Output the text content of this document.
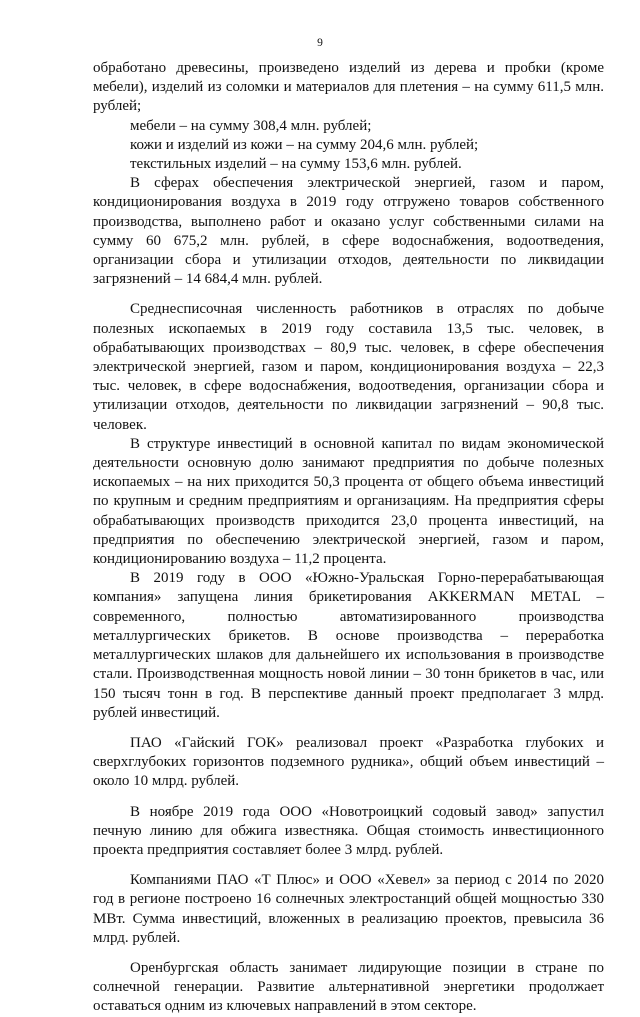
9

обработано древесины, произведено изделий из дерева и пробки (кроме мебели), изделий из соломки и материалов для плетения – на сумму 611,5 млн. рублей;

мебели – на сумму 308,4 млн. рублей;

кожи и изделий из кожи – на сумму 204,6 млн. рублей;

текстильных изделий – на сумму 153,6 млн. рублей.

В сферах обеспечения электрической энергией, газом и паром, кондиционирования воздуха в 2019 году отгружено товаров собственного производства, выполнено работ и оказано услуг собственными силами на сумму 60 675,2 млн. рублей, в сфере водоснабжения, водоотведения, организации сбора и утилизации отходов, деятельности по ликвидации загрязнений – 14 684,4 млн. рублей.

Среднесписочная численность работников в отраслях по добыче полезных ископаемых в 2019 году составила 13,5 тыс. человек, в обрабатывающих производствах – 80,9 тыс. человек, в сфере обеспечения электрической энергией, газом и паром, кондиционирования воздуха – 22,3 тыс. человек, в сфере водоснабжения, водоотведения, организации сбора и утилизации отходов, деятельности по ликвидации загрязнений – 90,8 тыс. человек.

В структуре инвестиций в основной капитал по видам экономической деятельности основную долю занимают предприятия по добыче полезных ископаемых – на них приходится 50,3 процента от общего объема инвестиций по крупным и средним предприятиям и организациям. На предприятия сферы обрабатывающих производств приходится 23,0 процента инвестиций, на предприятия по обеспечению электрической энергией, газом и паром, кондиционированию воздуха – 11,2 процента.

В 2019 году в ООО «Южно-Уральская Горно-перерабатывающая компания» запущена линия брикетирования AKKERMAN METAL – современного, полностью автоматизированного производства металлургических брикетов. В основе производства – переработка металлургических шлаков для дальнейшего их использования в производстве стали. Производственная мощность новой линии – 30 тонн брикетов в час, или 150 тысяч тонн в год. В перспективе данный проект предполагает 3 млрд. рублей инвестиций.

ПАО «Гайский ГОК» реализовал проект «Разработка глубоких и сверхглубоких горизонтов подземного рудника», общий объем инвестиций – около 10 млрд. рублей.

В ноябре 2019 года ООО «Новотроицкий содовый завод» запустил печную линию для обжига известняка. Общая стоимость инвестиционного проекта предприятия составляет более 3 млрд. рублей.

Компаниями ПАО «Т Плюс» и ООО «Хевел» за период с 2014 по 2020 год в регионе построено 16 солнечных электростанций общей мощностью 330 МВт. Сумма инвестиций, вложенных в реализацию проектов, превысила 36 млрд. рублей.

Оренбургская область занимает лидирующие позиции в стране по солнечной генерации. Развитие альтернативной энергетики продолжает оставаться одним из ключевых направлений в этом секторе.
